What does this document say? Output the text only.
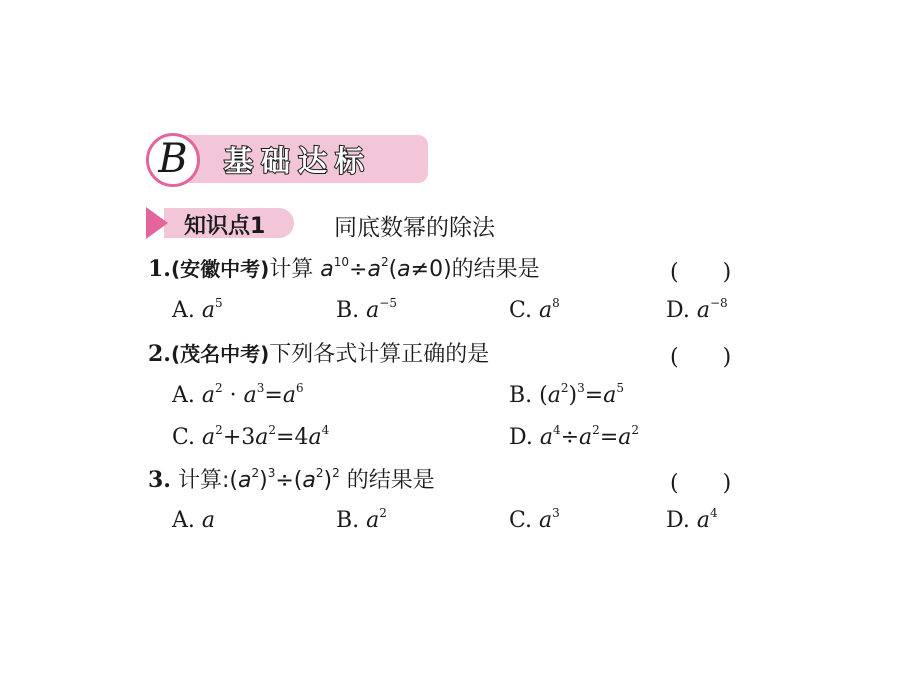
B	基础达标
知识点1	同底数幂的除法
1.(安徽中考)计算 $a^{10}\div a^2(a\ne 0)$的结果是	(　　)
A. $a^5$	B. $a^{-5}$	C. $a^8$	D. $a^{-8}$
2.(茂名中考)下列各式计算正确的是	(　　)
A. $a^2 \cdot a^3=a^6$	B. $(a^2)^3=a^5$
C. $a^2+3a^2=4a^4$	D. $a^4\div a^2=a^2$
3. 计算$:(a^2)^3\div(a^2)^2$ 的结果是	(　　)
A. a	B. $a^2$	C. $a^3$	D. $a^4$
